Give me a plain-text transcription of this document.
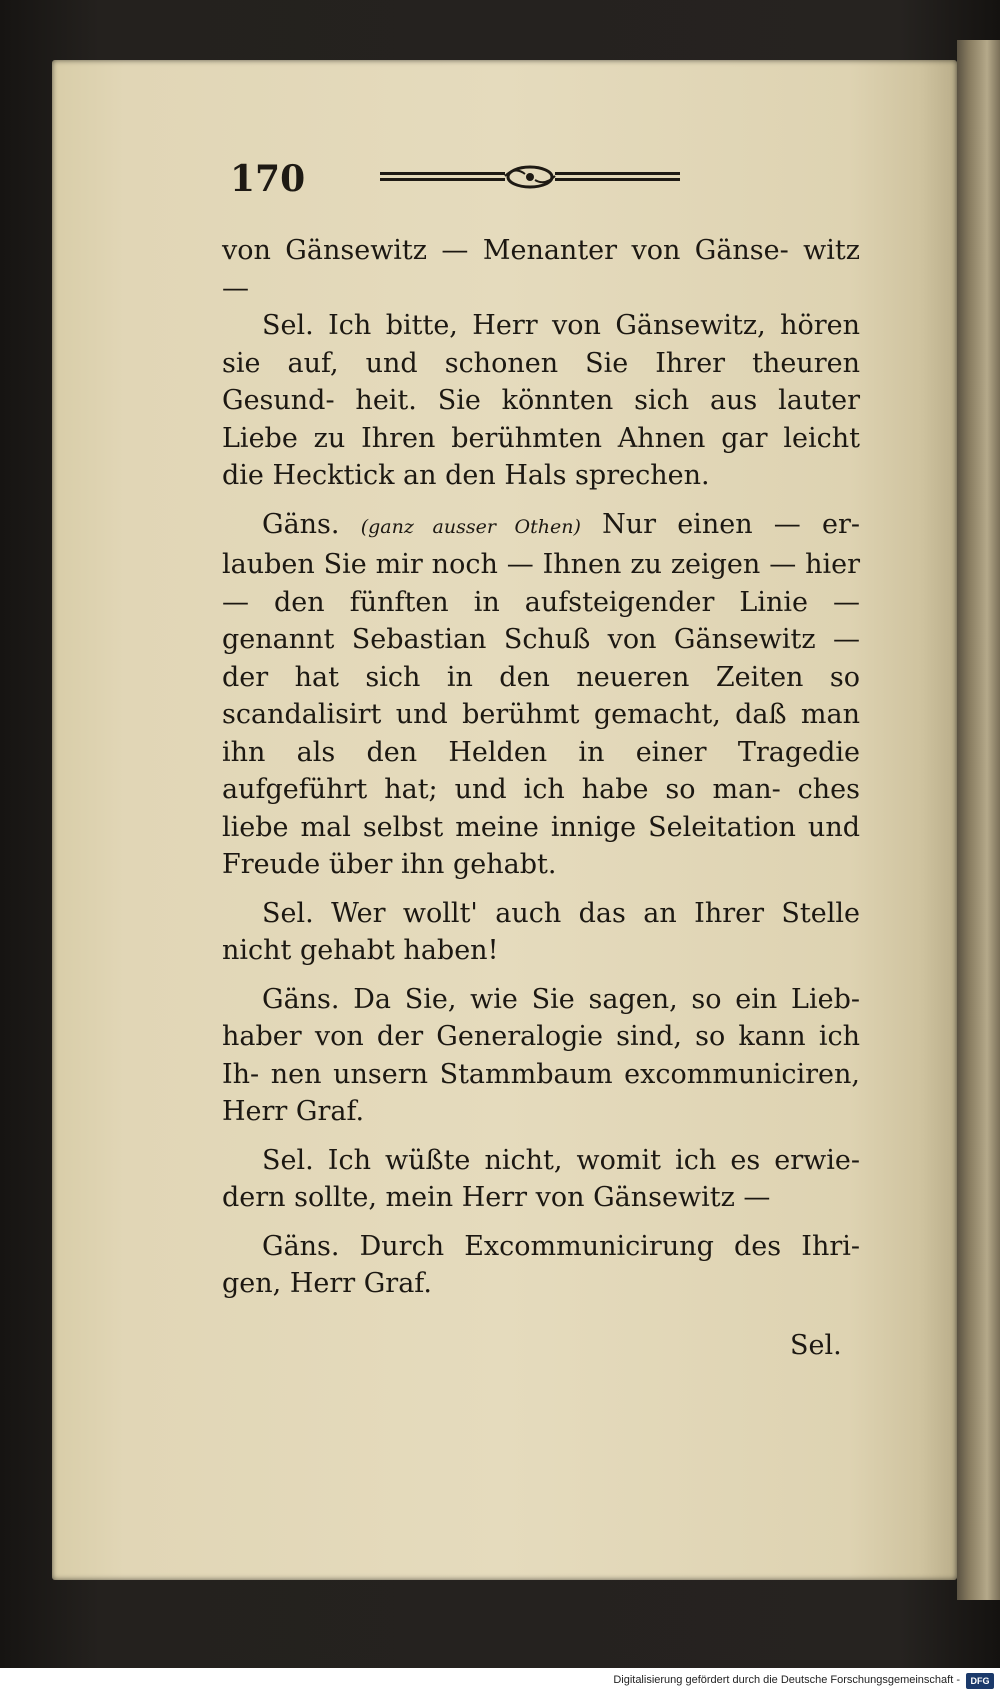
170

von Gänsewitz — Menanter von Gänse- witz —

Sel. Ich bitte, Herr von Gänsewitz, hören sie auf, und schonen Sie Ihrer theuren Gesund- heit. Sie könnten sich aus lauter Liebe zu Ihren berühmten Ahnen gar leicht die Hecktick an den Hals sprechen.

Gäns. (ganz ausser Othen) Nur einen — er- lauben Sie mir noch — Ihnen zu zeigen — hier — den fünften in aufsteigender Linie — genannt Sebastian Schuß von Gänsewitz — der hat sich in den neueren Zeiten so scandalisirt und berühmt gemacht, daß man ihn als den Helden in einer Tragedie aufgeführt hat; und ich habe so man- ches liebe mal selbst meine innige Seleitation und Freude über ihn gehabt.

Sel. Wer wollt' auch das an Ihrer Stelle nicht gehabt haben!

Gäns. Da Sie, wie Sie sagen, so ein Lieb- haber von der Generalogie sind, so kann ich Ih- nen unsern Stammbaum excommuniciren, Herr Graf.

Sel. Ich wüßte nicht, womit ich es erwie- dern sollte, mein Herr von Gänsewitz —

Gäns. Durch Excommunicirung des Ihri- gen, Herr Graf.

Sel.
Digitalisierung gefördert durch die Deutsche Forschungsgemeinschaft -	DFG
